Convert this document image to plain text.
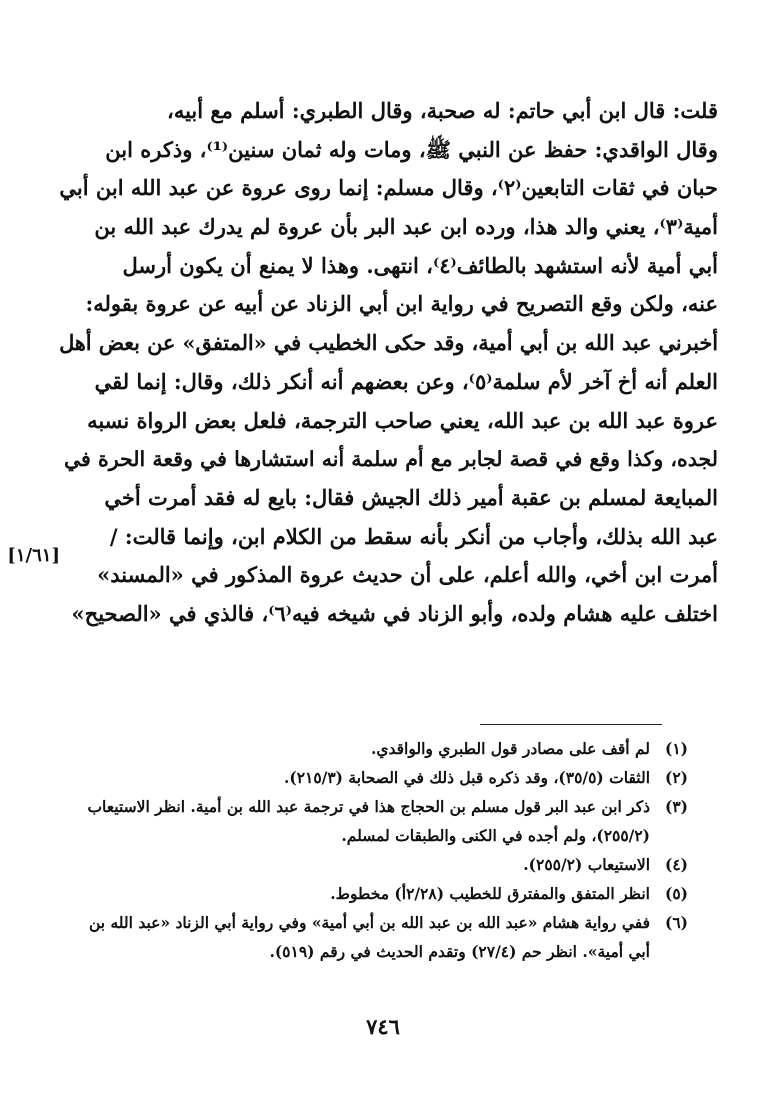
قلت: قال ابن أبي حاتم: له صحبة، وقال الطبري: أسلم مع أبيه،
وقال الواقدي: حفظ عن النبي ﷺ، ومات وله ثمان سنين⁽¹⁾، وذكره ابن
حبان في ثقات التابعين⁽٢⁾، وقال مسلم: إنما روى عروة عن عبد الله ابن أبي
أمية⁽٣⁾، يعني والد هذا، ورده ابن عبد البر بأن عروة لم يدرك عبد الله بن
أبي أمية لأنه استشهد بالطائف⁽٤⁾، انتهى. وهذا لا يمنع أن يكون أرسل
عنه، ولكن وقع التصريح في رواية ابن أبي الزناد عن أبيه عن عروة بقوله:
أخبرني عبد الله بن أبي أمية، وقد حكى الخطيب في «المتفق» عن بعض أهل
العلم أنه أخ آخر لأم سلمة⁽٥⁾، وعن بعضهم أنه أنكر ذلك، وقال: إنما لقي
عروة عبد الله بن عبد الله، يعني صاحب الترجمة، فلعل بعض الرواة نسبه
لجده، وكذا وقع في قصة لجابر مع أم سلمة أنه استشارها في وقعة الحرة في
المبايعة لمسلم بن عقبة أمير ذلك الجيش فقال: بايع له فقد أمرت أخي
عبد الله بذلك، وأجاب من أنكر بأنه سقط من الكلام ابن، وإنما قالت: /
أمرت ابن أخي، والله أعلم، على أن حديث عروة المذكور في «المسند»
اختلف عليه هشام ولده، وأبو الزناد في شيخه فيه⁽٦⁾، فالذي في «الصحيح»
[١/٦١]
(١)
لم أقف على مصادر قول الطبري والواقدي.
(٢)
الثقات (٣٥/٥)، وقد ذكره قبل ذلك في الصحابة (٢١٥/٣).
(٣)
ذكر ابن عبد البر قول مسلم بن الحجاج هذا في ترجمة عبد الله بن أمية. انظر الاستيعاب
(٢٥٥/٢)، ولم أجده في الكنى والطبقات لمسلم.
(٤)
الاستيعاب (٢٥٥/٢).
(٥)
انظر المتفق والمفترق للخطيب (٢/٢٨أ) مخطوط.
(٦)
ففي رواية هشام «عبد الله بن عبد الله بن أبي أمية» وفي رواية أبي الزناد «عبد الله بن
أبي أمية». انظر حم (٢٧/٤) وتقدم الحديث في رقم (٥١٩).
٧٤٦
